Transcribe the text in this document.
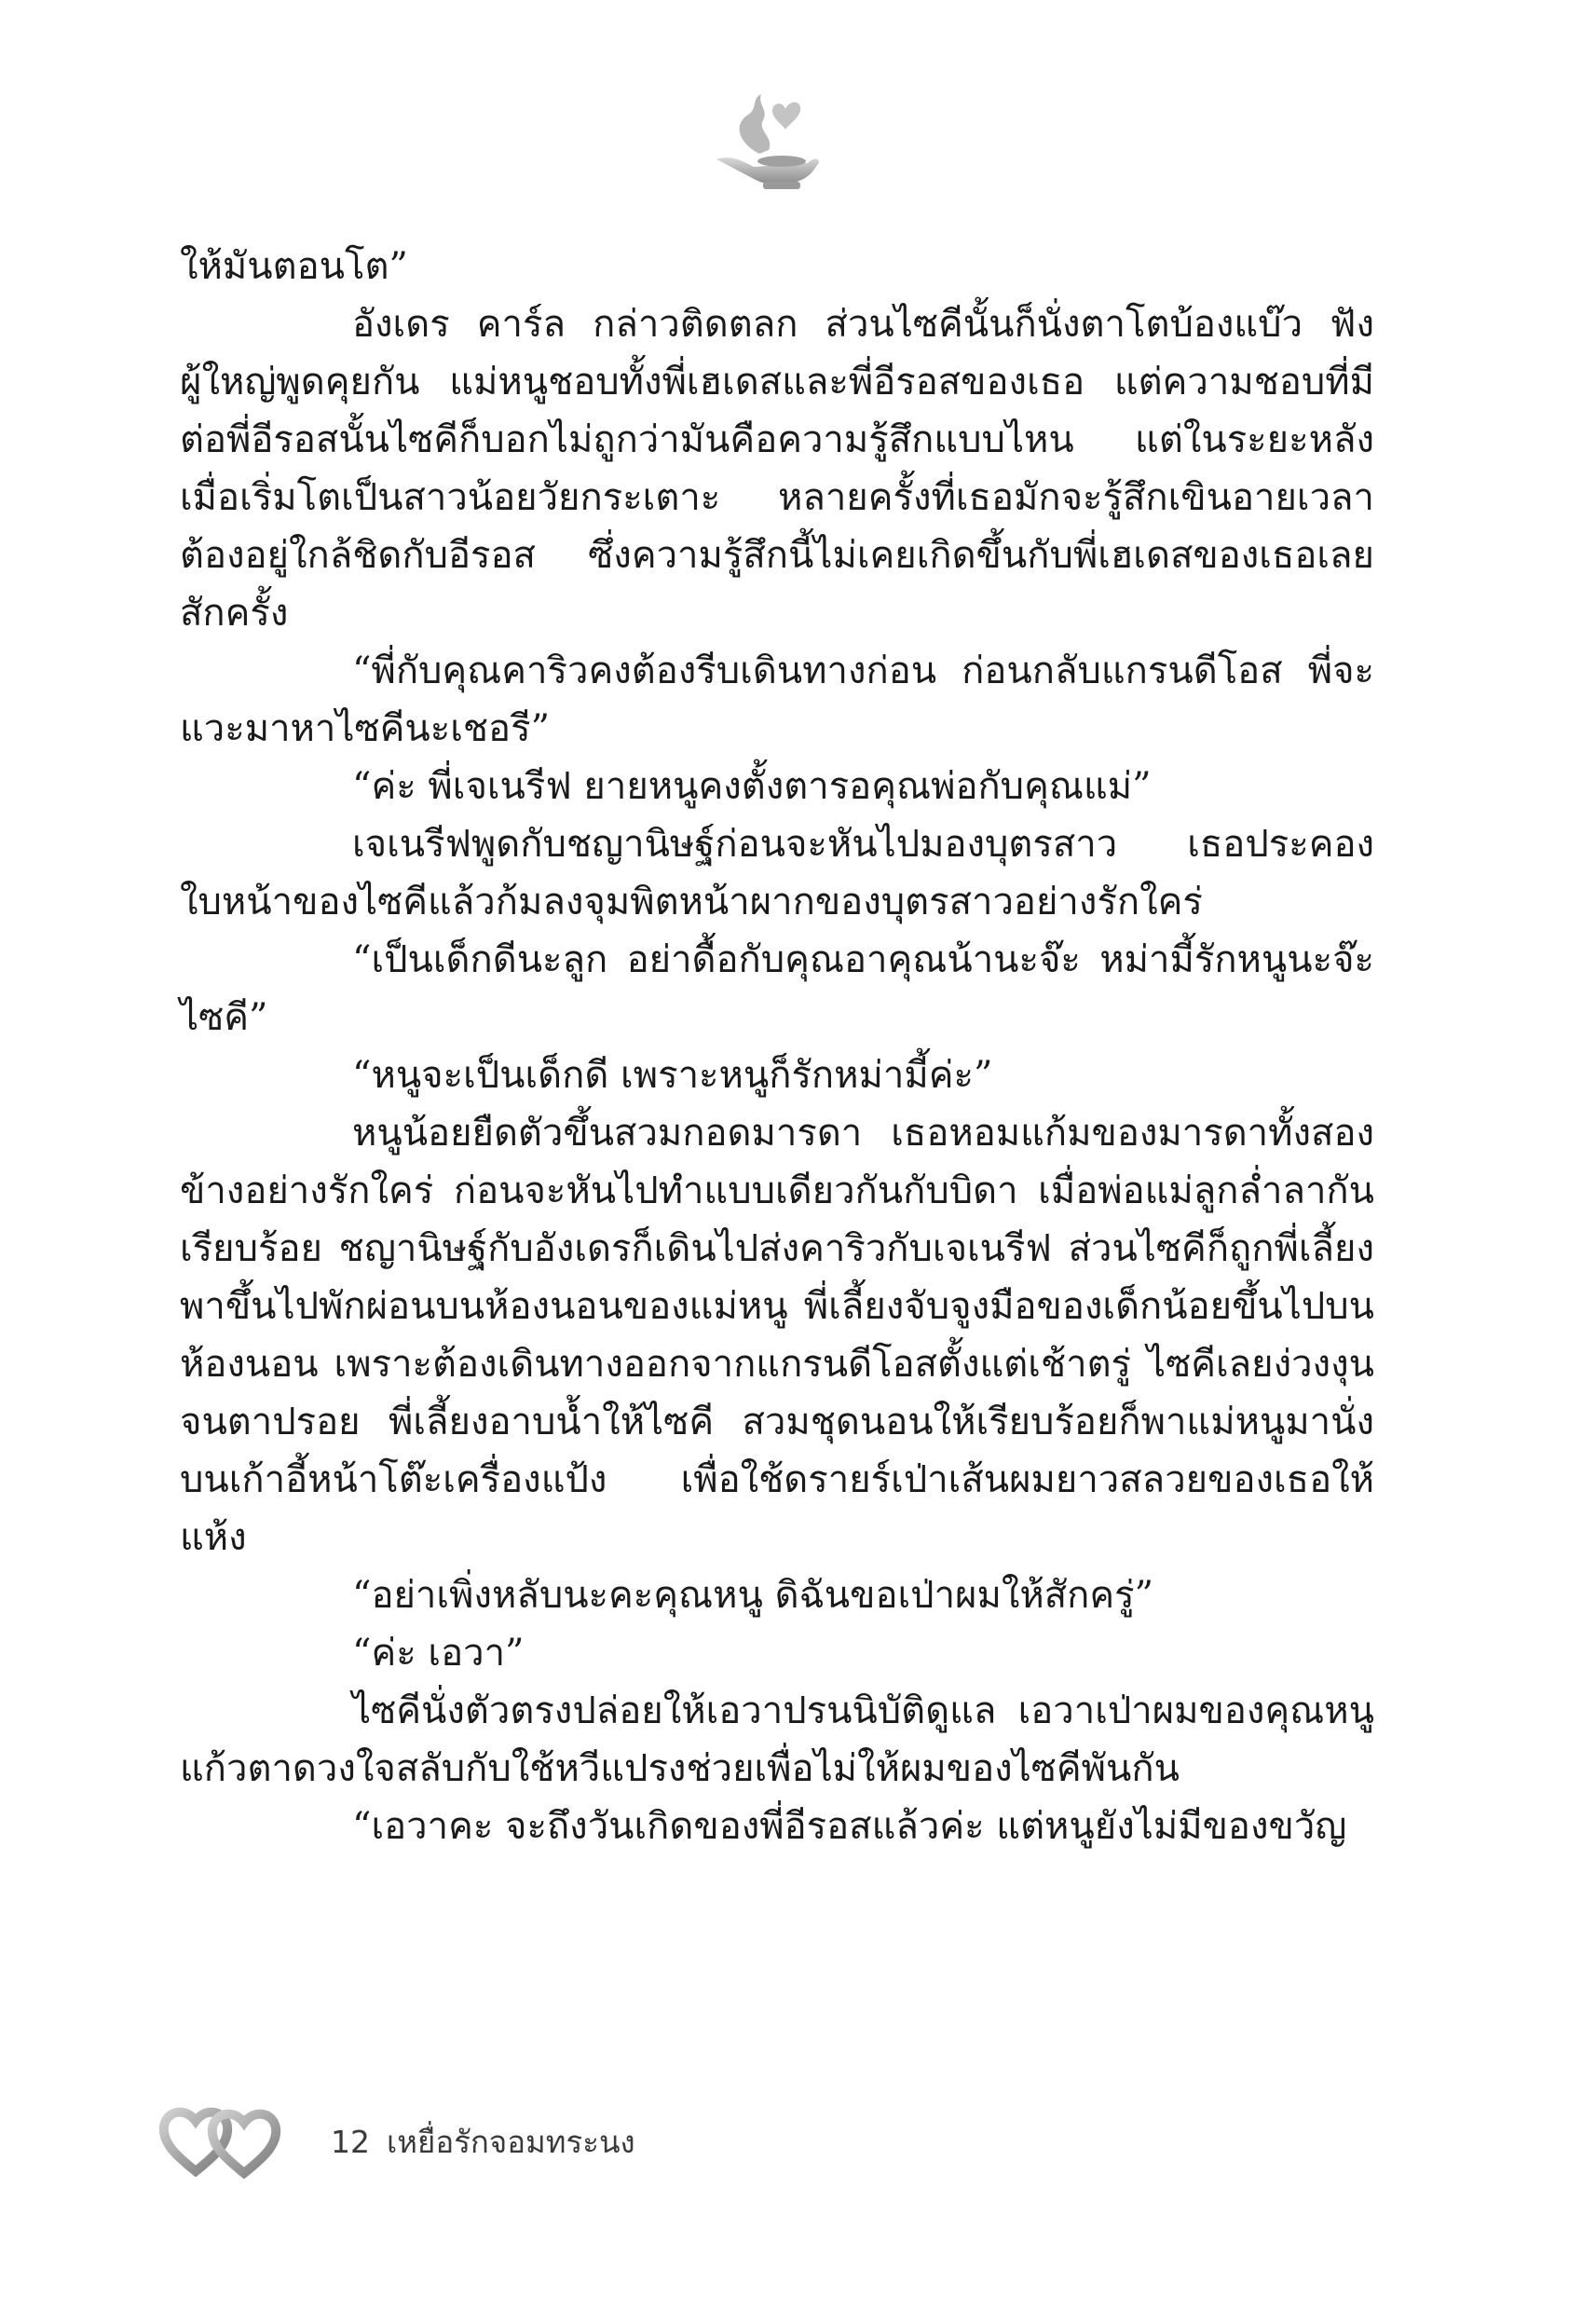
ให้มันตอนโต”

อังเดร คาร์ล กล่าวติดตลก ส่วนไซคีนั้นก็นั่งตาโตบ้องแบ๊ว ฟังผู้ใหญ่พูดคุยกัน แม่หนูชอบทั้งพี่เฮเดสและพี่อีรอสของเธอ แต่ความชอบที่มีต่อพี่อีรอสนั้นไซคีก็บอกไม่ถูกว่ามันคือความรู้สึกแบบไหน แต่ในระยะหลังเมื่อเริ่มโตเป็นสาวน้อยวัยกระเตาะ หลายครั้งที่เธอมักจะรู้สึกเขินอายเวลาต้องอยู่ใกล้ชิดกับอีรอส ซึ่งความรู้สึกนี้ไม่เคยเกิดขึ้นกับพี่เฮเดสของเธอเลยสักครั้ง

“พี่กับคุณคาริวคงต้องรีบเดินทางก่อน ก่อนกลับแกรนดีโอส พี่จะแวะมาหาไซคีนะเชอรี”

“ค่ะ พี่เจเนรีฟ ยายหนูคงตั้งตารอคุณพ่อกับคุณแม่”

เจเนรีฟพูดกับชญานิษฐ์ก่อนจะหันไปมองบุตรสาว เธอประคองใบหน้าของไซคีแล้วก้มลงจุมพิตหน้าผากของบุตรสาวอย่างรักใคร่

“เป็นเด็กดีนะลูก อย่าดื้อกับคุณอาคุณน้านะจ๊ะ หม่ามี้รักหนูนะจ๊ะไซคี”

“หนูจะเป็นเด็กดี เพราะหนูก็รักหม่ามี้ค่ะ”

หนูน้อยยืดตัวขึ้นสวมกอดมารดา เธอหอมแก้มของมารดาทั้งสองข้างอย่างรักใคร่ ก่อนจะหันไปทำแบบเดียวกันกับบิดา เมื่อพ่อแม่ลูกล่ำลากันเรียบร้อย ชญานิษฐ์กับอังเดรก็เดินไปส่งคาริวกับเจเนรีฟ ส่วนไซคีก็ถูกพี่เลี้ยงพาขึ้นไปพักผ่อนบนห้องนอนของแม่หนู พี่เลี้ยงจับจูงมือของเด็กน้อยขึ้นไปบนห้องนอน เพราะต้องเดินทางออกจากแกรนดีโอสตั้งแต่เช้าตรู่ ไซคีเลยง่วงงุนจนตาปรอย พี่เลี้ยงอาบน้ำให้ไซคี สวมชุดนอนให้เรียบร้อยก็พาแม่หนูมานั่งบนเก้าอี้หน้าโต๊ะเครื่องแป้ง เพื่อใช้ดรายร์เป่าเส้นผมยาวสลวยของเธอให้แห้ง

“อย่าเพิ่งหลับนะคะคุณหนู ดิฉันขอเป่าผมให้สักครู่”

“ค่ะ เอวา”

ไซคีนั่งตัวตรงปล่อยให้เอวาปรนนิบัติดูแล เอวาเป่าผมของคุณหนูแก้วตาดวงใจสลับกับใช้หวีแปรงช่วยเพื่อไม่ให้ผมของไซคีพันกัน

“เอวาคะ จะถึงวันเกิดของพี่อีรอสแล้วค่ะ แต่หนูยังไม่มีของขวัญ

12 เหยื่อรักจอมทระนง
